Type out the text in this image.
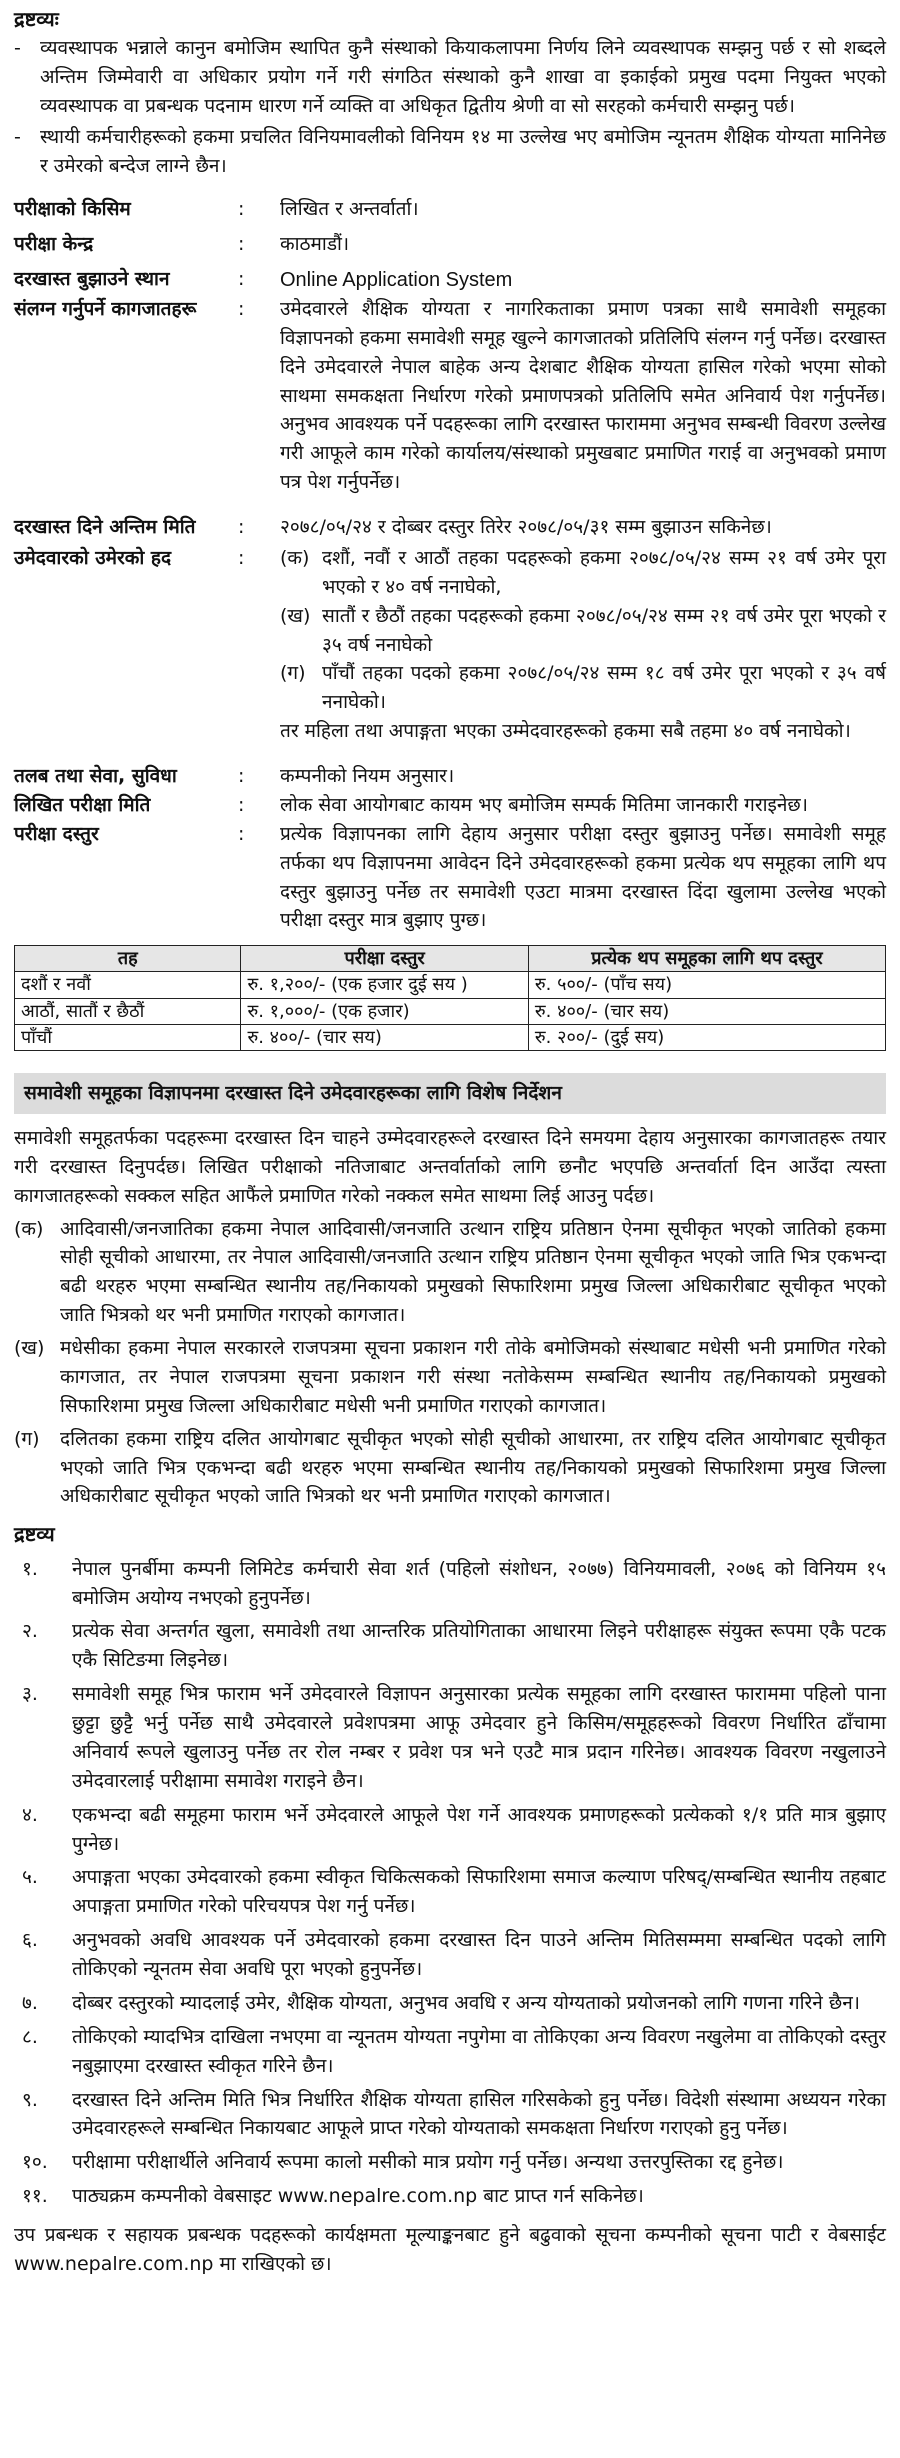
द्रष्टव्यः
-	व्यवस्थापक भन्नाले कानुन बमोजिम स्थापित कुनै संस्थाको कियाकलापमा निर्णय लिने व्यवस्थापक सम्झनु पर्छ र सो शब्दले अन्तिम जिम्मेवारी वा अधिकार प्रयोग गर्ने गरी संगठित संस्थाको कुनै शाखा वा इकाईको प्रमुख पदमा नियुक्त भएको व्यवस्थापक वा प्रबन्धक पदनाम धारण गर्ने व्यक्ति वा अधिकृत द्वितीय श्रेणी वा सो सरहको कर्मचारी सम्झनु पर्छ।
-	स्थायी कर्मचारीहरूको हकमा प्रचलित विनियमावलीको विनियम १४ मा उल्लेख भए बमोजिम न्यूनतम शैक्षिक योग्यता मानिनेछ र उमेरको बन्देज लाग्ने छैन।
परीक्षाको किसिम	:	लिखित र अन्तर्वार्ता।
परीक्षा केन्द्र	:	काठमाडौं।
दरखास्त बुझाउने स्थान	:	Online Application System
संलग्न गर्नुपर्ने कागजातहरू	:	उमेदवारले शैक्षिक योग्यता र नागरिकताका प्रमाण पत्रका साथै समावेशी समूहका विज्ञापनको हकमा समावेशी समूह खुल्ने कागजातको प्रतिलिपि संलग्न गर्नु पर्नेछ। दरखास्त दिने उमेदवारले नेपाल बाहेक अन्य देशबाट शैक्षिक योग्यता हासिल गरेको भएमा सोको साथमा समकक्षता निर्धारण गरेको प्रमाणपत्रको प्रतिलिपि समेत अनिवार्य पेश गर्नुपर्नेछ। अनुभव आवश्यक पर्ने पदहरूका लागि दरखास्त फाराममा अनुभव सम्बन्धी विवरण उल्लेख गरी आफूले काम गरेको कार्यालय/संस्थाको प्रमुखबाट प्रमाणित गराई वा अनुभवको प्रमाण पत्र पेश गर्नुपर्नेछ।
दरखास्त दिने अन्तिम मिति	:	२०७८/०५/२४ र दोब्बर दस्तुर तिरेर २०७८/०५/३१ सम्म बुझाउन सकिनेछ।
उमेदवारको उमेरको हद	:	(क) दशौं, नवौं र आठौं तहका पदहरूको हकमा २०७८/०५/२४ सम्म २१ वर्ष उमेर पूरा भएको र ४० वर्ष ननाघेको,
(ख) सातौं र छैठौं तहका पदहरूको हकमा २०७८/०५/२४ सम्म २१ वर्ष उमेर पूरा भएको र ३५ वर्ष ननाघेको
(ग) पाँचौं तहका पदको हकमा २०७८/०५/२४ सम्म १८ वर्ष उमेर पूरा भएको र ३५ वर्ष ननाघेको।
तर महिला तथा अपाङ्गता भएका उम्मेदवारहरूको हकमा सबै तहमा ४० वर्ष ननाघेको।
तलब तथा सेवा, सुविधा	:	कम्पनीको नियम अनुसार।
लिखित परीक्षा मिति	:	लोक सेवा आयोगबाट कायम भए बमोजिम सम्पर्क मितिमा जानकारी गराइनेछ।
परीक्षा दस्तुर	:	प्रत्येक विज्ञापनका लागि देहाय अनुसार परीक्षा दस्तुर बुझाउनु पर्नेछ। समावेशी समूह तर्फका थप विज्ञापनमा आवेदन दिने उमेदवारहरूको हकमा प्रत्येक थप समूहका लागि थप दस्तुर बुझाउनु पर्नेछ तर समावेशी एउटा मात्रमा दरखास्त दिंदा खुलामा उल्लेख भएको परीक्षा दस्तुर मात्र बुझाए पुग्छ।
तह	परीक्षा दस्तुर	प्रत्येक थप समूहका लागि थप दस्तुर
दशौं र नवौं	रु. १,२००/- (एक हजार दुई सय )	रु. ५००/- (पाँच सय)
आठौं, सातौं र छैठौं	रु. १,०००/- (एक हजार)	रु. ४००/- (चार सय)
पाँचौं	रु. ४००/- (चार सय)	रु. २००/- (दुई सय)
समावेशी समूहका विज्ञापनमा दरखास्त दिने उमेदवारहरूका लागि विशेष निर्देशन
समावेशी समूहतर्फका पदहरूमा दरखास्त दिन चाहने उम्मेदवारहरूले दरखास्त दिने समयमा देहाय अनुसारका कागजातहरू तयार गरी दरखास्त दिनुपर्दछ। लिखित परीक्षाको नतिजाबाट अन्तर्वार्ताको लागि छनौट भएपछि अन्तर्वार्ता दिन आउँदा त्यस्ता कागजातहरूको सक्कल सहित आफैंले प्रमाणित गरेको नक्कल समेत साथमा लिई आउनु पर्दछ।
(क) आदिवासी/जनजातिका हकमा नेपाल आदिवासी/जनजाति उत्थान राष्ट्रिय प्रतिष्ठान ऐनमा सूचीकृत भएको जातिको हकमा सोही सूचीको आधारमा, तर नेपाल आदिवासी/जनजाति उत्थान राष्ट्रिय प्रतिष्ठान ऐनमा सूचीकृत भएको जाति भित्र एकभन्दा बढी थरहरु भएमा सम्बन्धित स्थानीय तह/निकायको प्रमुखको सिफारिशमा प्रमुख जिल्ला अधिकारीबाट सूचीकृत भएको जाति भित्रको थर भनी प्रमाणित गराएको कागजात।
(ख) मधेसीका हकमा नेपाल सरकारले राजपत्रमा सूचना प्रकाशन गरी तोके बमोजिमको संस्थाबाट मधेसी भनी प्रमाणित गरेको कागजात, तर नेपाल राजपत्रमा सूचना प्रकाशन गरी संस्था नतोकेसम्म सम्बन्धित स्थानीय तह/निकायको प्रमुखको सिफारिशमा प्रमुख जिल्ला अधिकारीबाट मधेसी भनी प्रमाणित गराएको कागजात।
(ग)	दलितका हकमा राष्ट्रिय दलित आयोगबाट सूचीकृत भएको सोही सूचीको आधारमा, तर राष्ट्रिय दलित आयोगबाट सूचीकृत भएको जाति भित्र एकभन्दा बढी थरहरु भएमा सम्बन्धित स्थानीय तह/निकायको प्रमुखको सिफारिशमा प्रमुख जिल्ला अधिकारीबाट सूचीकृत भएको जाति भित्रको थर भनी प्रमाणित गराएको कागजात।
द्रष्टव्य
१.	नेपाल पुनर्बीमा कम्पनी लिमिटेड कर्मचारी सेवा शर्त (पहिलो संशोधन, २०७७) विनियमावली, २०७६ को विनियम १५ बमोजिम अयोग्य नभएको हुनुपर्नेछ।
२.	प्रत्येक सेवा अन्तर्गत खुला, समावेशी तथा आन्तरिक प्रतियोगिताका आधारमा लिइने परीक्षाहरू संयुक्त रूपमा एकै पटक एकै सिटिङमा लिइनेछ।
३.	समावेशी समूह भित्र फाराम भर्ने उमेदवारले विज्ञापन अनुसारका प्रत्येक समूहका लागि दरखास्त फाराममा पहिलो पाना छुट्टा छुट्टै भर्नु पर्नेछ साथै उमेदवारले प्रवेशपत्रमा आफू उमेदवार हुने किसिम/समूहहरूको विवरण निर्धारित ढाँचामा अनिवार्य रूपले खुलाउनु पर्नेछ तर रोल नम्बर र प्रवेश पत्र भने एउटै मात्र प्रदान गरिनेछ। आवश्यक विवरण नखुलाउने उमेदवारलाई परीक्षामा समावेश गराइने छैन।
४.	एकभन्दा बढी समूहमा फाराम भर्ने उमेदवारले आफूले पेश गर्ने आवश्यक प्रमाणहरूको प्रत्येकको १/१ प्रति मात्र बुझाए पुग्नेछ।
५.	अपाङ्गता भएका उमेदवारको हकमा स्वीकृत चिकित्सकको सिफारिशमा समाज कल्याण परिषद्/सम्बन्धित स्थानीय तहबाट अपाङ्गता प्रमाणित गरेको परिचयपत्र पेश गर्नु पर्नेछ।
६.	अनुभवको अवधि आवश्यक पर्ने उमेदवारको हकमा दरखास्त दिन पाउने अन्तिम मितिसम्ममा सम्बन्धित पदको लागि तोकिएको न्यूनतम सेवा अवधि पूरा भएको हुनुपर्नेछ।
७.	दोब्बर दस्तुरको म्यादलाई उमेर, शैक्षिक योग्यता, अनुभव अवधि र अन्य योग्यताको प्रयोजनको लागि गणना गरिने छैन।
८.	तोकिएको म्यादभित्र दाखिला नभएमा वा न्यूनतम योग्यता नपुगेमा वा तोकिएका अन्य विवरण नखुलेमा वा तोकिएको दस्तुर नबुझाएमा दरखास्त स्वीकृत गरिने छैन।
९.	दरखास्त दिने अन्तिम मिति भित्र निर्धारित शैक्षिक योग्यता हासिल गरिसकेको हुनु पर्नेछ। विदेशी संस्थामा अध्ययन गरेका उमेदवारहरूले सम्बन्धित निकायबाट आफूले प्राप्त गरेको योग्यताको समकक्षता निर्धारण गराएको हुनु पर्नेछ।
१०.	परीक्षामा परीक्षार्थीले अनिवार्य रूपमा कालो मसीको मात्र प्रयोग गर्नु पर्नेछ। अन्यथा उत्तरपुस्तिका रद्द हुनेछ।
११.	पाठ्यक्रम कम्पनीको वेबसाइट www.nepalre.com.np बाट प्राप्त गर्न सकिनेछ।
उप प्रबन्धक र सहायक प्रबन्धक पदहरूको कार्यक्षमता मूल्याङ्कनबाट हुने बढुवाको सूचना कम्पनीको सूचना पाटी र वेबसाईट www.nepalre.com.np मा राखिएको छ।
